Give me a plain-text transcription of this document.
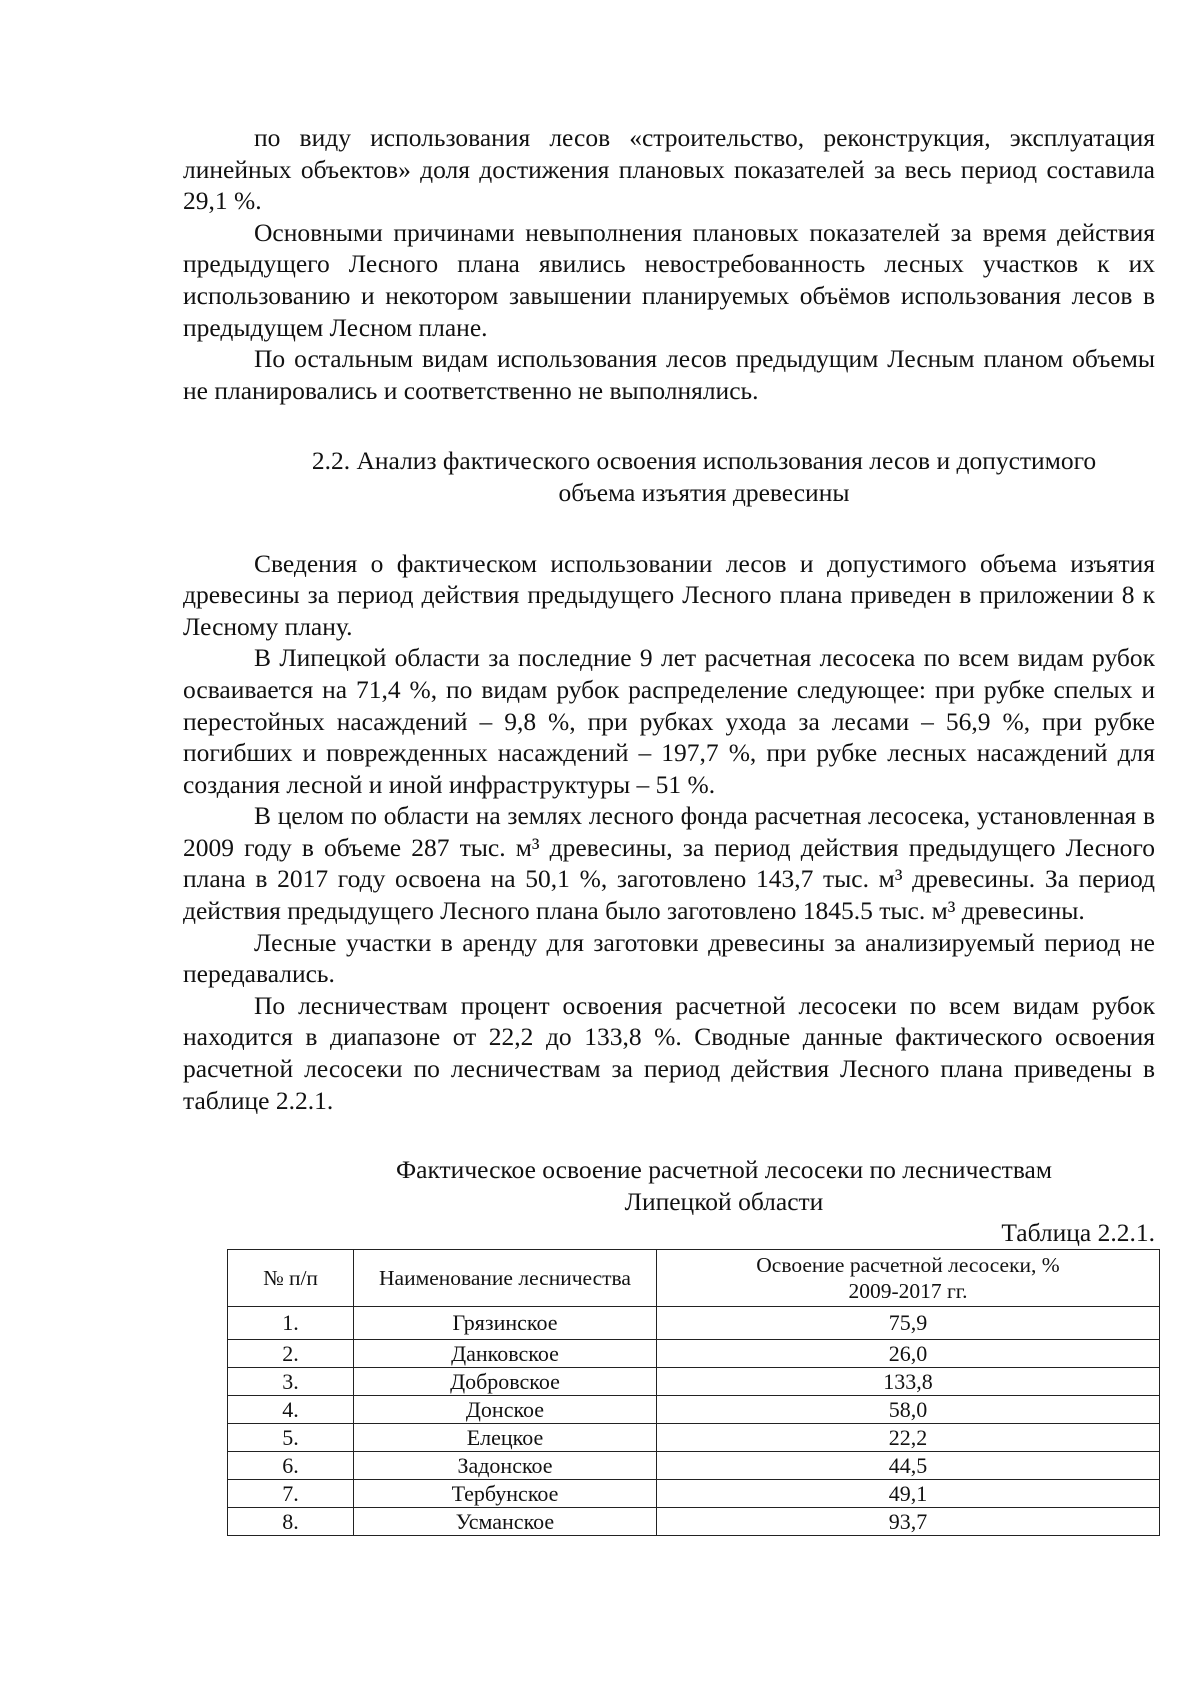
по виду использования лесов «строительство, реконструкция, эксплуатация линейных объектов» доля достижения плановых показателей за весь период составила 29,1 %.

Основными причинами невыполнения плановых показателей за время действия предыдущего Лесного плана явились невостребованность лесных участков к их использованию и некотором завышении планируемых объёмов использования лесов в предыдущем Лесном плане.

По остальным видам использования лесов предыдущим Лесным планом объемы не планировались и соответственно не выполнялись.

2.2. Анализ фактического освоения использования лесов и допустимого

объема изъятия древесины

Сведения о фактическом использовании лесов и допустимого объема изъятия древесины за период действия предыдущего Лесного плана приведен в приложении 8 к Лесному плану.

В Липецкой области за последние 9 лет расчетная лесосека по всем видам рубок осваивается на 71,4 %, по видам рубок распределение следующее: при рубке спелых и перестойных насаждений – 9,8 %, при рубках ухода за лесами – 56,9 %, при рубке погибших и поврежденных насаждений – 197,7 %, при рубке лесных насаждений для создания лесной и иной инфраструктуры – 51 %.

В целом по области на землях лесного фонда расчетная лесосека, установленная в 2009 году в объеме 287 тыс. м³ древесины, за период действия предыдущего Лесного плана в 2017 году освоена на 50,1 %, заготовлено 143,7 тыс. м³ древесины. За период действия предыдущего Лесного плана было заготовлено 1845.5 тыс. м³ древесины.

Лесные участки в аренду для заготовки древесины за анализируемый период не передавались.

По лесничествам процент освоения расчетной лесосеки по всем видам рубок находится в диапазоне от 22,2 до 133,8 %. Сводные данные фактического освоения расчетной лесосеки по лесничествам за период действия Лесного плана приведены в таблице 2.2.1.

Фактическое освоение расчетной лесосеки по лесничествам

Липецкой области

Таблица 2.2.1.

№ п/п	Наименование лесничества	Освоение расчетной лесосеки, %
2009-2017 гг.
1.	Грязинское	75,9
2.	Данковское	26,0
3.	Добровское	133,8
4.	Донское	58,0
5.	Елецкое	22,2
6.	Задонское	44,5
7.	Тербунское	49,1
8.	Усманское	93,7
